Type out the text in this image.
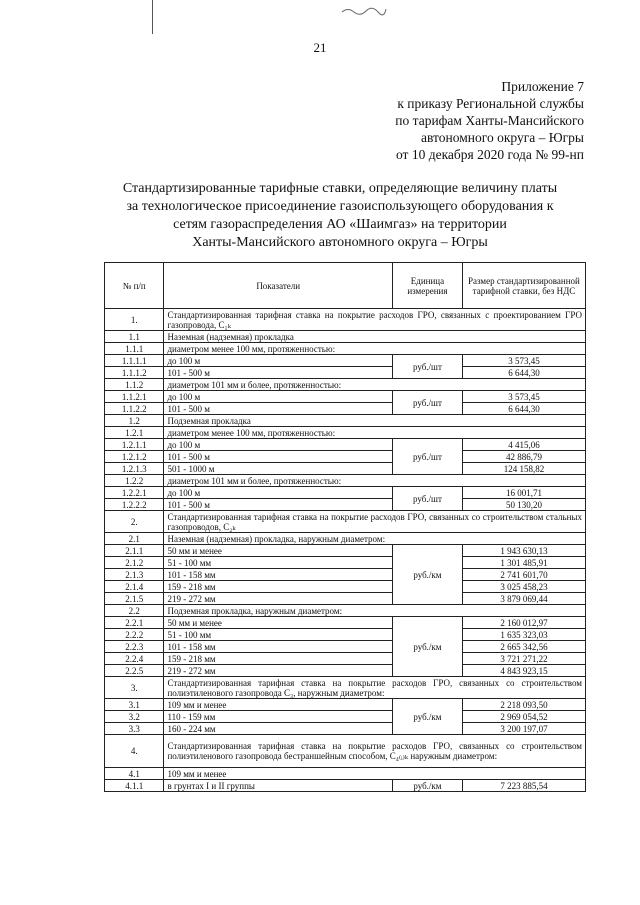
21
Приложение 7
к приказу Региональной службы
по тарифам Ханты-Мансийского
автономного округа – Югры
от 10 декабря 2020 года № 99-нп
Стандартизированные тарифные ставки, определяющие величину платы
за технологическое присоединение газоиспользующего оборудования к
сетям газораспределения АО «Шаимгаз» на территории
Ханты-Мансийского автономного округа – Югры
№ п/п	Показатели	Единица измерения	Размер стандартизированной тарифной ставки, без НДС
1.	Стандартизированная тарифная ставка на покрытие расходов ГРО, связанных с проектированием ГРО газопровода, C₁ₖ		
1.1	Наземная (надземная) прокладка		
1.1.1	диаметром менее 100 мм, протяженностью:		
1.1.1.1	до 100 м	руб./шт	3 573,45
1.1.1.2	101 - 500 м		6 644,30
1.1.2	диаметром 101 мм и более, протяженностью:		
1.1.2.1	до 100 м	руб./шт	3 573,45
1.1.2.2	101 - 500 м		6 644,30
1.2	Подземная прокладка		
1.2.1	диаметром менее 100 мм, протяженностью:		
1.2.1.1	до 100 м	руб./шт	4 415,06
1.2.1.2	101 - 500 м		42 886,79
1.2.1.3	501 - 1000 м		124 158,82
1.2.2	диаметром 101 мм и более, протяженностью:		
1.2.2.1	до 100 м	руб./шт	16 001,71
1.2.2.2	101 - 500 м		50 130,20
2.	Стандартизированная тарифная ставка на покрытие расходов ГРО, связанных со строительством стальных газопроводов, C₂ₖ		
2.1	Наземная (надземная) прокладка, наружным диаметром:		
2.1.1	50 мм и менее	руб./км	1 943 630,13
2.1.2	51 - 100 мм		1 301 485,91
2.1.3	101 - 158 мм		2 741 601,70
2.1.4	159 - 218 мм		3 025 458,23
2.1.5	219 - 272 мм		3 879 069,44
2.2	Подземная прокладка, наружным диаметром:		
2.2.1	50 мм и менее	руб./км	2 160 012,97
2.2.2	51 - 100 мм		1 635 323,03
2.2.3	101 - 158 мм		2 665 342,56
2.2.4	159 - 218 мм		3 721 271,22
2.2.5	219 - 272 мм		4 843 923,15
3.	Стандартизированная тарифная ставка на покрытие расходов ГРО, связанных со строительством полиэтиленового газопровода C₃, наружным диаметром:		
3.1	109 мм и менее	руб./км	2 218 093,50
3.2	110 - 159 мм		2 969 054,52
3.3	160 - 224 мм		3 200 197,07
4.	Стандартизированная тарифная ставка на покрытие расходов ГРО, связанных со строительством полиэтиленового газопровода бестраншейным способом, C₄₍ᵢ₎ₖ наружным диаметром:		
4.1	109 мм и менее		
4.1.1	в грунтах I и II группы	руб./км	7 223 885,54
